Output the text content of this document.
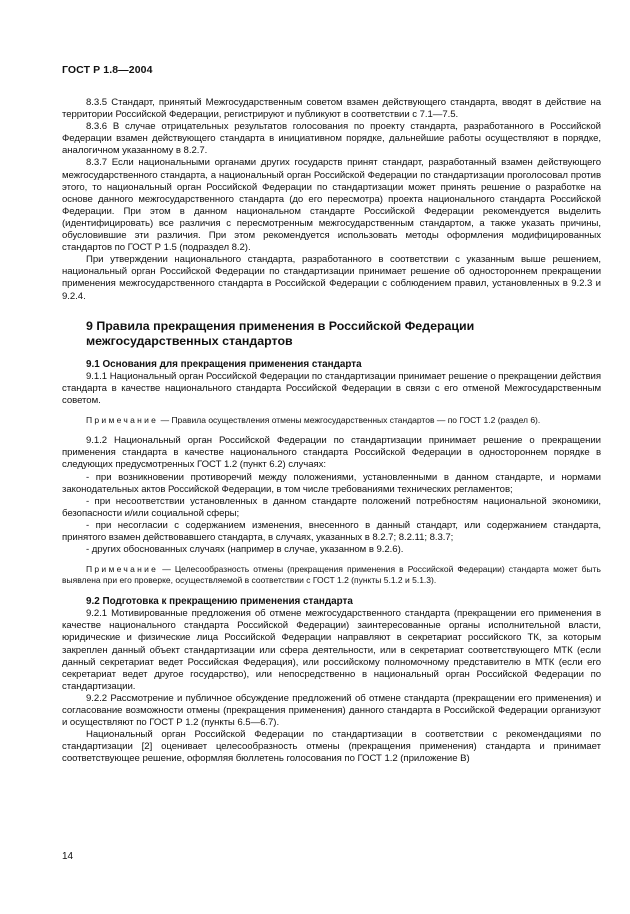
ГОСТ Р 1.8—2004

8.3.5 Стандарт, принятый Межгосударственным советом взамен действующего стандарта, вводят в действие на территории Российской Федерации, регистрируют и публикуют в соответствии с 7.1—7.5.

8.3.6 В случае отрицательных результатов голосования по проекту стандарта, разработанного в Российской Федерации взамен действующего стандарта в инициативном порядке, дальнейшие работы осуществляют в порядке, аналогичном указанному в 8.2.7.

8.3.7 Если национальными органами других государств принят стандарт, разработанный взамен действующего межгосударственного стандарта, а национальный орган Российской Федерации по стандартизации проголосовал против этого, то национальный орган Российской Федерации по стандартизации может принять решение о разработке на основе данного межгосударственного стандарта (до его пересмотра) проекта национального стандарта Российской Федерации. При этом в данном национальном стандарте Российской Федерации рекомендуется выделить (идентифицировать) все различия с пересмотренным межгосударственным стандартом, а также указать причины, обусловившие эти различия. При этом рекомендуется использовать методы оформления модифицированных стандартов по ГОСТ Р 1.5 (подраздел 8.2).

При утверждении национального стандарта, разработанного в соответствии с указанным выше решением, национальный орган Российской Федерации по стандартизации принимает решение об одностороннем прекращении применения межгосударственного стандарта в Российской Федерации с соблюдением правил, установленных в 9.2.3 и 9.2.4.

9 Правила прекращения применения в Российской Федерации межгосударственных стандартов
9.1 Основания для прекращения применения стандарта

9.1.1 Национальный орган Российской Федерации по стандартизации принимает решение о прекращении действия стандарта в качестве национального стандарта Российской Федерации в связи с его отменой Межгосударственным советом.

Примечание — Правила осуществления отмены межгосударственных стандартов — по ГОСТ 1.2 (раздел 6).

9.1.2 Национальный орган Российской Федерации по стандартизации принимает решение о прекращении применения стандарта в качестве национального стандарта Российской Федерации в одностороннем порядке в следующих предусмотренных ГОСТ 1.2 (пункт 6.2) случаях:

- при возникновении противоречий между положениями, установленными в данном стандарте, и нормами законодательных актов Российской Федерации, в том числе требованиями технических регламентов;

- при несоответствии установленных в данном стандарте положений потребностям национальной экономики, безопасности и/или социальной сферы;

- при несогласии с содержанием изменения, внесенного в данный стандарт, или содержанием стандарта, принятого взамен действовавшего стандарта, в случаях, указанных в 8.2.7; 8.2.11; 8.3.7;

- других обоснованных случаях (например в случае, указанном в 9.2.6).

Примечание — Целесообразность отмены (прекращения применения в Российской Федерации) стандарта может быть выявлена при его проверке, осуществляемой в соответствии с ГОСТ 1.2 (пункты 5.1.2 и 5.1.3).
9.2 Подготовка к прекращению применения стандарта

9.2.1 Мотивированные предложения об отмене межгосударственного стандарта (прекращении его применения в качестве национального стандарта Российской Федерации) заинтересованные органы исполнительной власти, юридические и физические лица Российской Федерации направляют в секретариат российского ТК, за которым закреплен данный объект стандартизации или сфера деятельности, или в секретариат соответствующего МТК (если данный секретариат ведет Российская Федерация), или российскому полномочному представителю в МТК (если его секретариат ведет другое государство), или непосредственно в национальный орган Российской Федерации по стандартизации.

9.2.2 Рассмотрение и публичное обсуждение предложений об отмене стандарта (прекращении его применения) и согласование возможности отмены (прекращения применения) данного стандарта в Российской Федерации организуют и осуществляют по ГОСТ Р 1.2 (пункты 6.5—6.7).

Национальный орган Российской Федерации по стандартизации в соответствии с рекомендациями по стандартизации [2] оценивает целесообразность отмены (прекращения применения) стандарта и принимает соответствующее решение, оформляя бюллетень голосования по ГОСТ 1.2 (приложение В)

14
